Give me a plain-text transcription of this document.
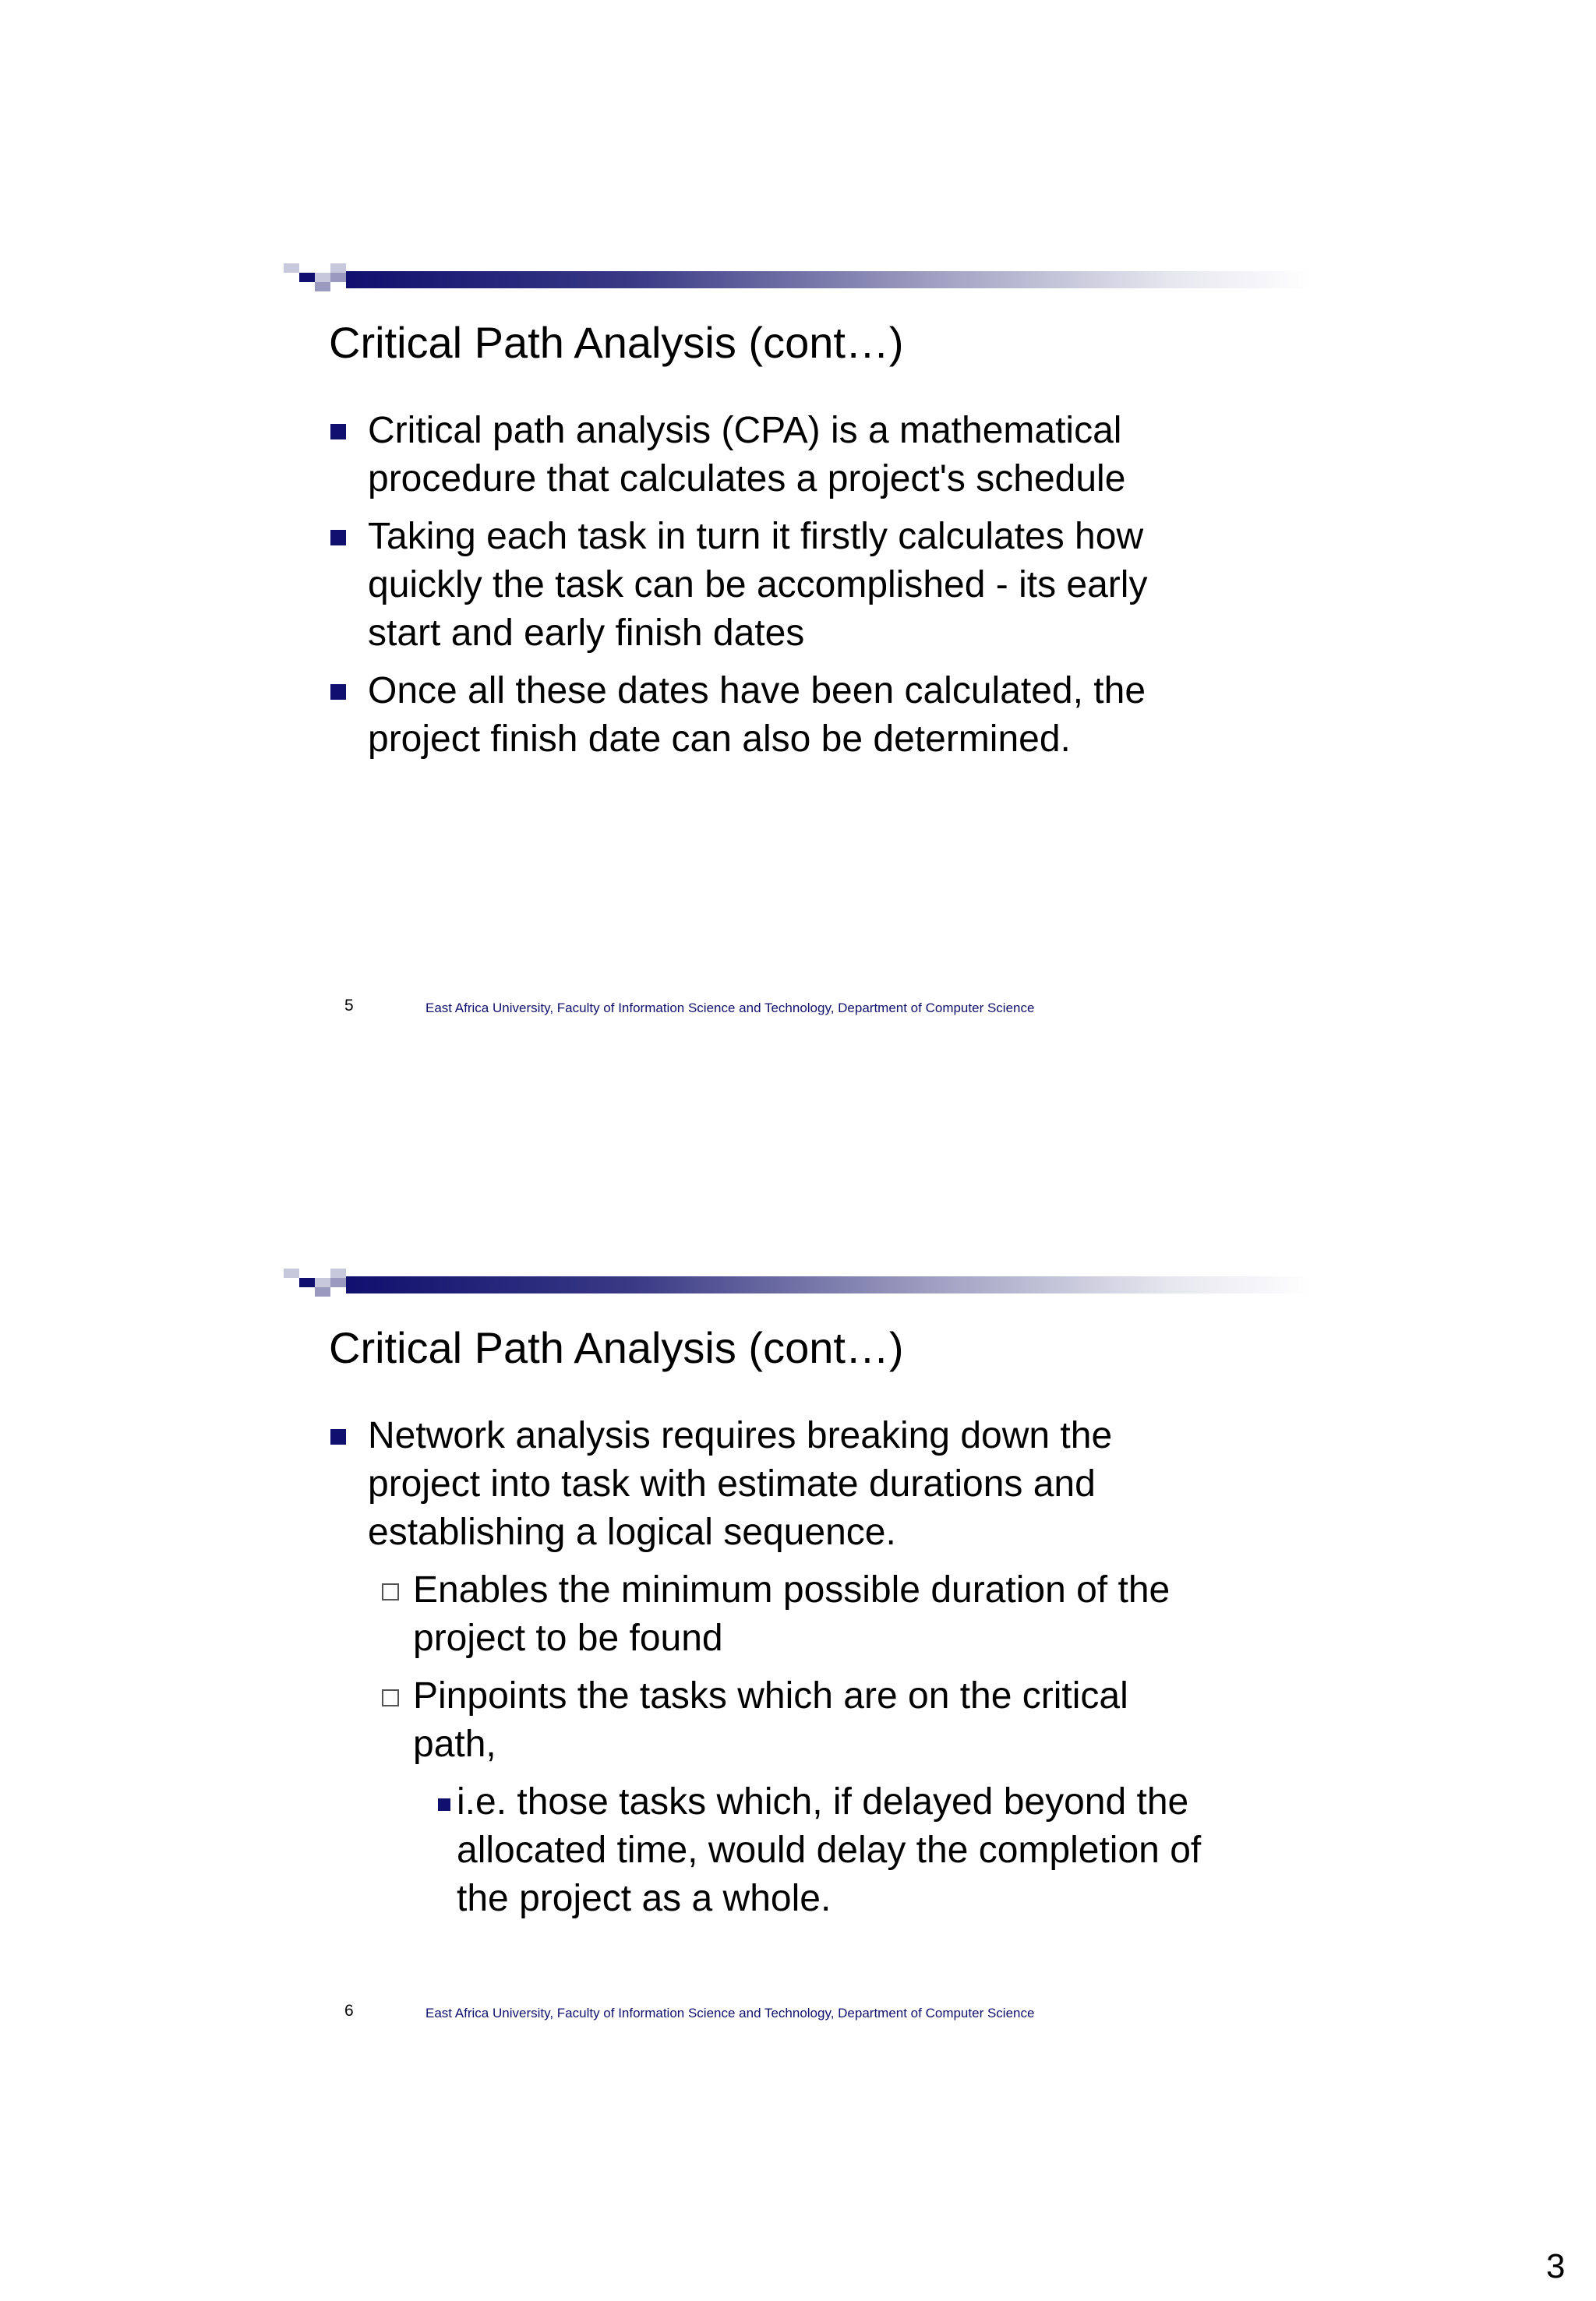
Critical Path Analysis (cont…)
Critical path analysis (CPA) is a mathematical
procedure that calculates a project's schedule
Taking each task in turn it firstly calculates how
quickly the task can be accomplished - its early
start and early finish dates
Once all these dates have been calculated, the
project finish date can also be determined.
5	East Africa University, Faculty of Information Science and Technology, Department of Computer Science
Critical Path Analysis (cont…)
Network analysis requires breaking down the
project into task with estimate durations and
establishing a logical sequence.
Enables the minimum possible duration of the
project to be found
Pinpoints the tasks which are on the critical
path,
i.e. those tasks which, if delayed beyond the
allocated time, would delay the completion of
the project as a whole.
6	East Africa University, Faculty of Information Science and Technology, Department of Computer Science
3
